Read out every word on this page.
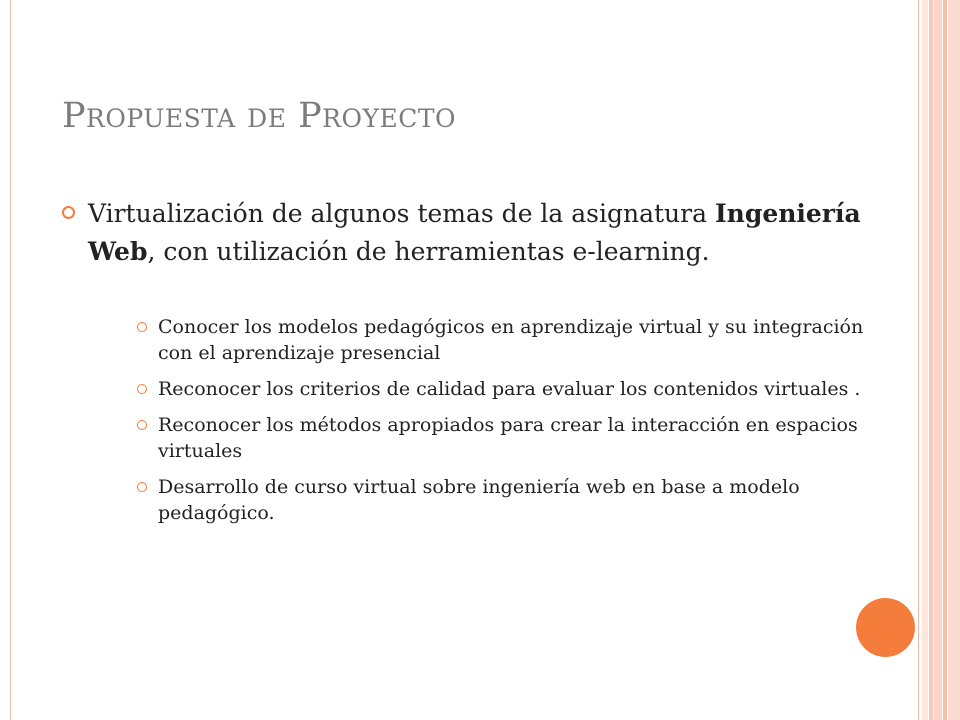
Propuesta de Proyecto
Virtualización de algunos temas de la asignatura Ingeniería Web, con utilización de herramientas e-learning.
Conocer los modelos pedagógicos en aprendizaje virtual y su integración con el aprendizaje presencial
Reconocer los criterios de calidad para evaluar los contenidos virtuales .
Reconocer los métodos apropiados para crear la interacción en espacios virtuales
Desarrollo de curso virtual sobre ingeniería web en base a modelo pedagógico.
